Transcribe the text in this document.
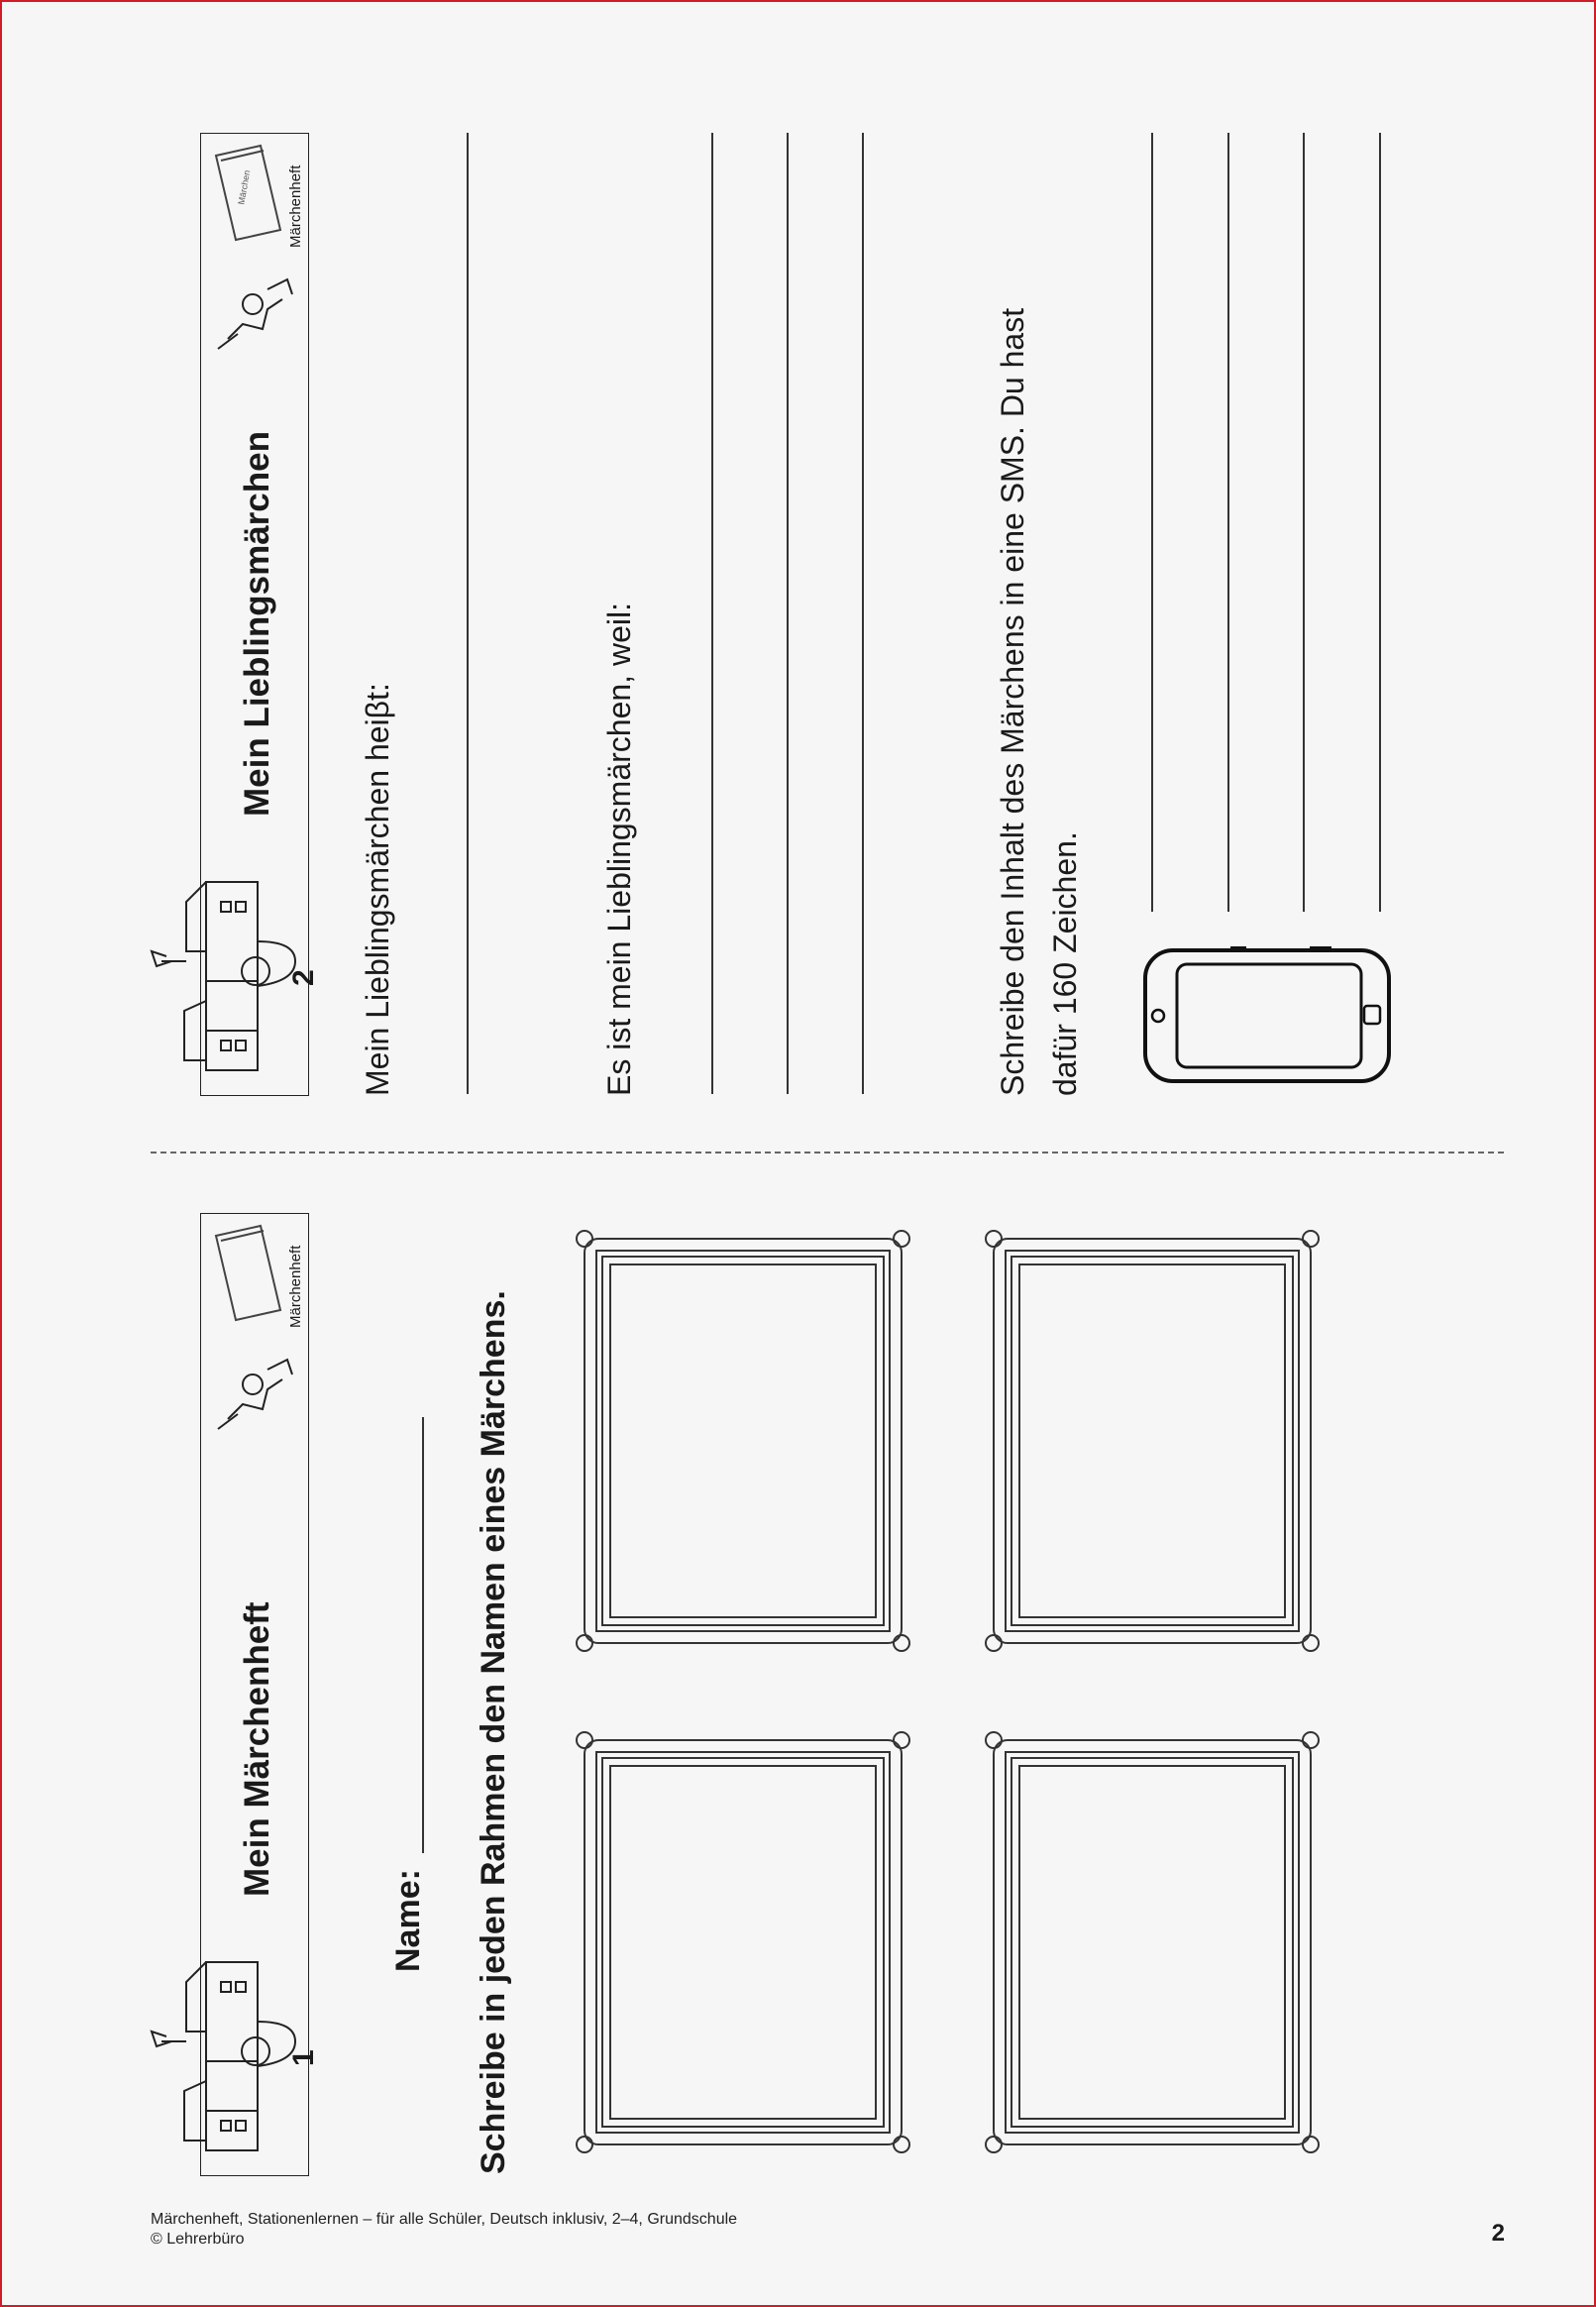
2
Mein Lieblingsmärchen
Märchen Märchenheft
Mein Lieblingsmärchen heiβt:	Es ist mein Lieblingsmärchen, weil:	Schreibe den Inhalt des Märchens in eine SMS. Du hast dafür 160 Zeichen.
1
Mein Märchenheft
Märchenheft
Name: Schreibe in jeden Rahmen den Namen eines Märchens.
Märchenheft, Stationenlernen – für alle Schüler, Deutsch inklusiv, 2–4, Grundschule
© Lehrerbüro	2
